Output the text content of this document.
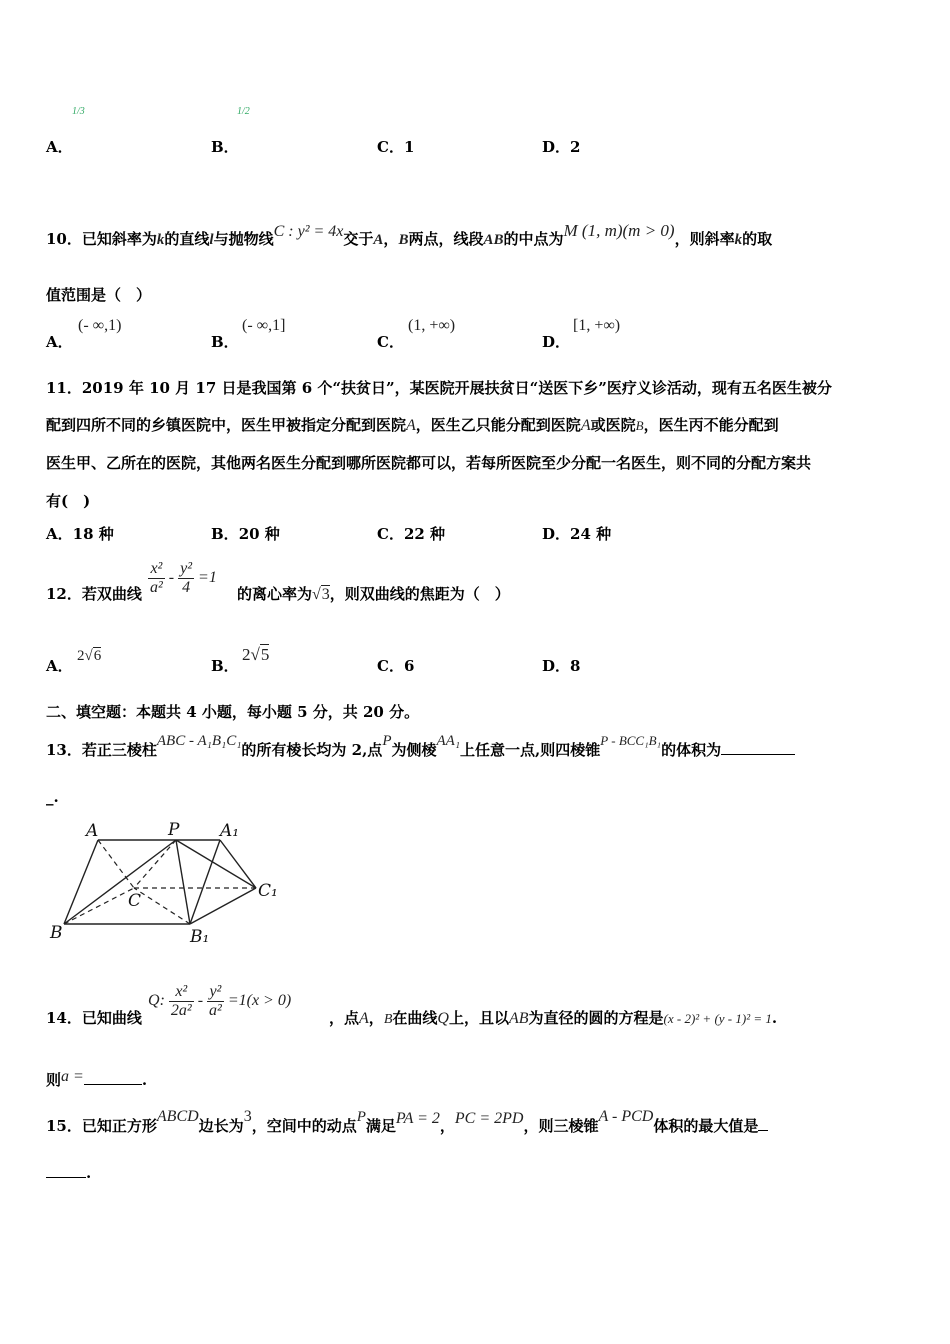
A．
1/3
B．
1/2
C．1	D．2
10．已知斜率为k的直线l与抛物线C : y² = 4x交于A，B两点，线段AB的中点为M (1, m)(m > 0)，则斜率k的取
值范围是（　）
A．
(- ∞,1)
B．
(- ∞,1]
C．
(1, +∞)
D．
[1, +∞)
11．2019 年 10 月 17 日是我国第 6 个“扶贫日”，某医院开展扶贫日“送医下乡”医疗义诊活动，现有五名医生被分
配到四所不同的乡镇医院中，医生甲被指定分配到医院A，医生乙只能分配到医院A或医院B，医生丙不能分配到
医生甲、乙所在的医院，其他两名医生分配到哪所医院都可以，若每所医院至少分配一名医生，则不同的分配方案共
有(　)
A．18 种	B．20 种	C．22 种	D．24 种
12．若双曲线 $\frac{\text{x²}}{\text{a²}} - \frac{\text{y²}}{4} =1$
的离心率为√3，则双曲线的焦距为（　）
A．
2√6
B．
2√5
C．6	D．8
二、填空题：本题共 4 小题，每小题 5 分，共 20 分。
13．若正三棱柱ABC - A₁B₁C₁的所有棱长均为 2,点P为侧棱AA₁上任意一点,则四棱锥P - BCC₁B₁的体积为
_.
A	P A₁
C	C₁
B	B₁
14．已知曲线
Q: $\frac{\text{x²}}{\text{2a²}} - \frac{\text{y²}}{\text{a²}} =1(x > 0)$
，点A，B在曲线Q上，且以AB为直径的圆的方程是(x - 2)² + (y - 1)² = 1.
则a =	.
15．已知正方形ABCD边长为3，空间中的动点P满足PA = 2，PC = 2PD，则三棱锥A - PCD体积的最大值是
.
